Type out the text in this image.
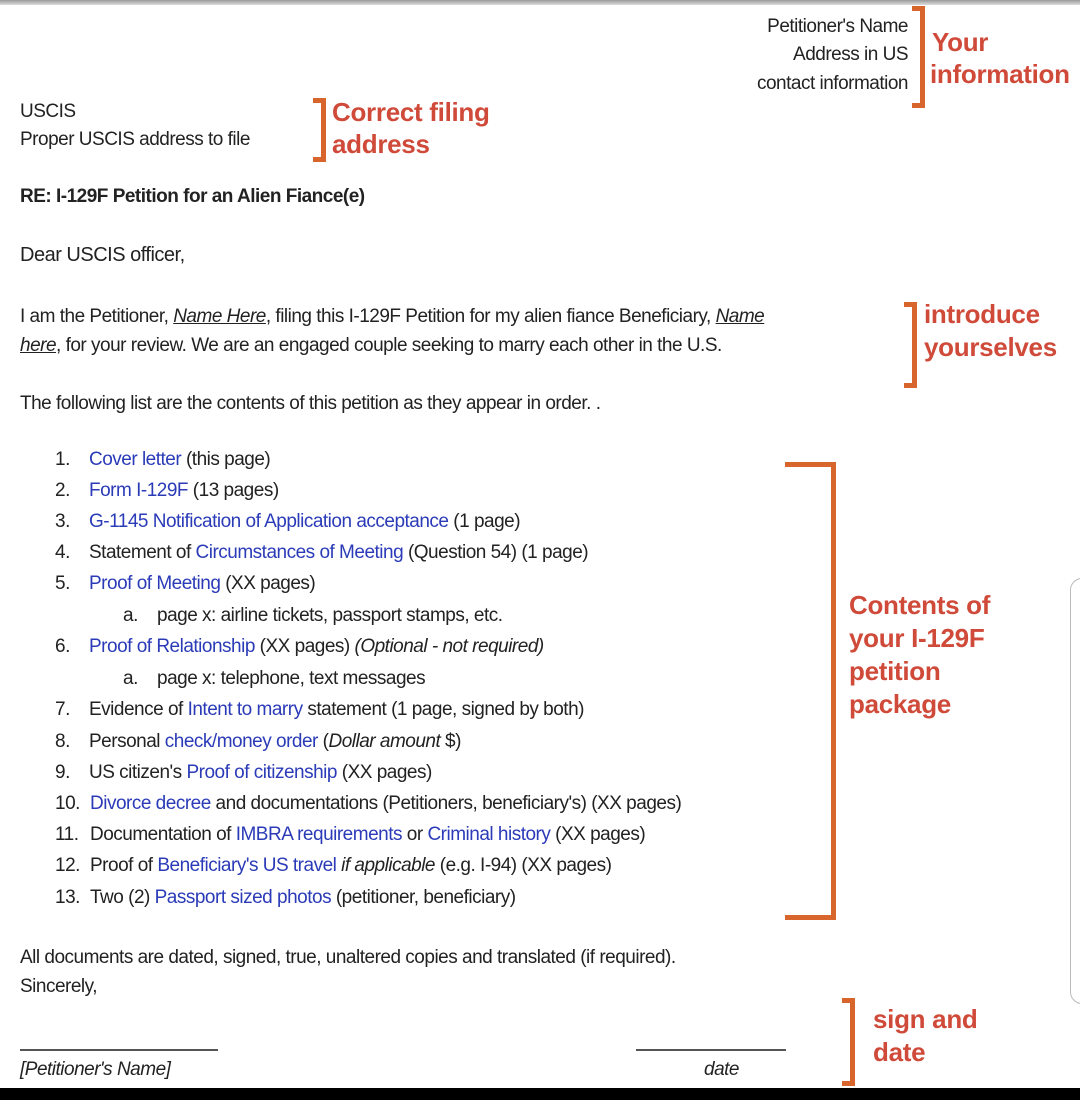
Petitioner's Name
Address in US
contact information
Your
information
USCIS
Proper USCIS address to file
Correct filing
address
RE: I-129F Petition for an Alien Fiance(e)
Dear USCIS officer,
I am the Petitioner, Name Here, filing this I-129F Petition for my alien fiance Beneficiary, Name
here, for your review. We are an engaged couple seeking to marry each other in the U.S.
introduce
yourselves
The following list are the contents of this petition as they appear in order. .
1. Cover letter (this page)
2. Form I-129F (13 pages)
3. G-1145 Notification of Application acceptance (1 page)
4. Statement of Circumstances of Meeting (Question 54) (1 page)
5. Proof of Meeting (XX pages)
a. page x: airline tickets, passport stamps, etc.
6. Proof of Relationship (XX pages) (Optional - not required)
a. page x: telephone, text messages
7. Evidence of Intent to marry statement (1 page, signed by both)
8. Personal check/money order (Dollar amount $)
9. US citizen's Proof of citizenship (XX pages)
10. Divorce decree and documentations (Petitioners, beneficiary's) (XX pages)
11. Documentation of IMBRA requirements or Criminal history (XX pages)
12. Proof of Beneficiary's US travel if applicable (e.g. I-94) (XX pages)
13. Two (2) Passport sized photos (petitioner, beneficiary)
Contents of
your I-129F
petition
package
All documents are dated, signed, true, unaltered copies and translated (if required).
Sincerely,
[Petitioner's Name]	date
sign and
date
